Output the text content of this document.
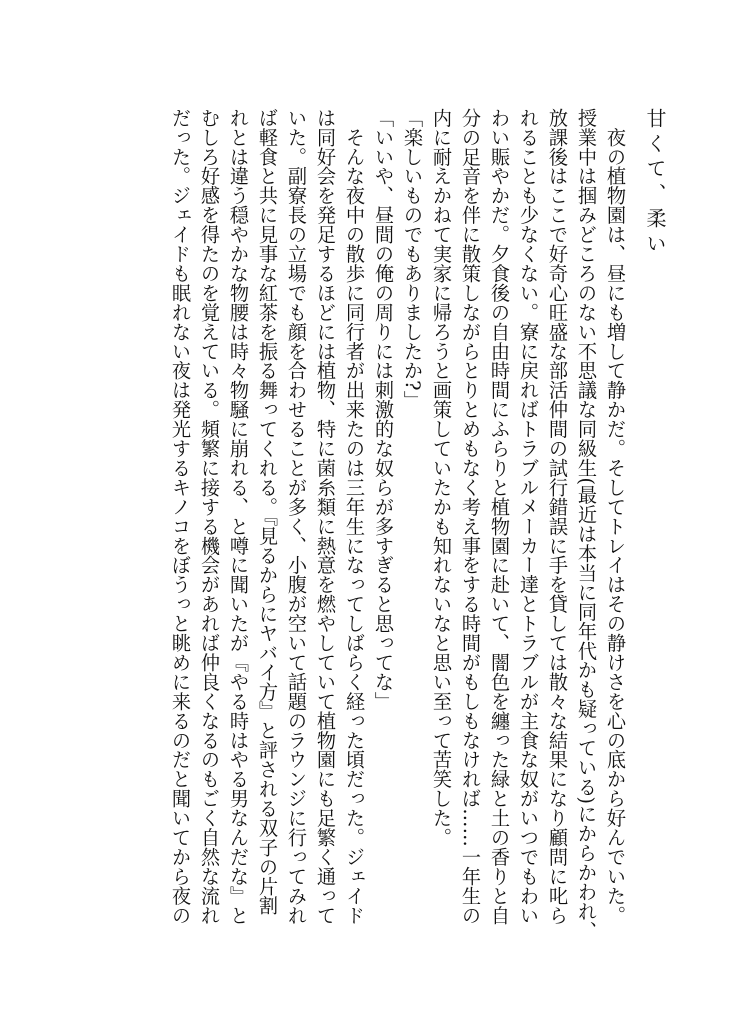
甘くて、柔い
　夜の植物園は、昼にも増して静かだ。そしてトレイはその静けさを心の底から好んでいた。
授業中は掴みどころのない不思議な同級生(最近は本当に同年代かも疑っている)にからかわれ、
放課後はここで好奇心旺盛な部活仲間の試行錯誤に手を貸しては散々な結果になり顧問に叱ら
れることも少なくない。寮に戻ればトラブルメーカー達とトラブルが主食な奴がいつでもわい
わい賑やかだ。夕食後の自由時間にふらりと植物園に赴いて、闇色を纏った緑と土の香りと自
分の足音を伴に散策しながらとりとめもなく考え事をする時間がもしもなければ……一年生の
内に耐えかねて実家に帰ろうと画策していたかも知れないなと思い至って苦笑した。
「楽しいものでもありましたか?」
「いいや、昼間の俺の周りには刺激的な奴らが多すぎると思ってな」
　そんな夜中の散歩に同行者が出来たのは三年生になってしばらく経った頃だった。ジェイド
は同好会を発足するほどには植物、特に菌糸類に熱意を燃やしていて植物園にも足繁く通って
いた。副寮長の立場でも顔を合わせることが多く、小腹が空いて話題のラウンジに行ってみれ
ば軽食と共に見事な紅茶を振る舞ってくれる。『見るからにヤバイ方』と評される双子の片割
れとは違う穏やかな物腰は時々物騒に崩れる、と噂に聞いたが『やる時はやる男なんだな』と
むしろ好感を得たのを覚えている。頻繁に接する機会があれば仲良くなるのもごく自然な流れ
だった。ジェイドも眠れない夜は発光するキノコをぼうっと眺めに来るのだと聞いてから夜の
